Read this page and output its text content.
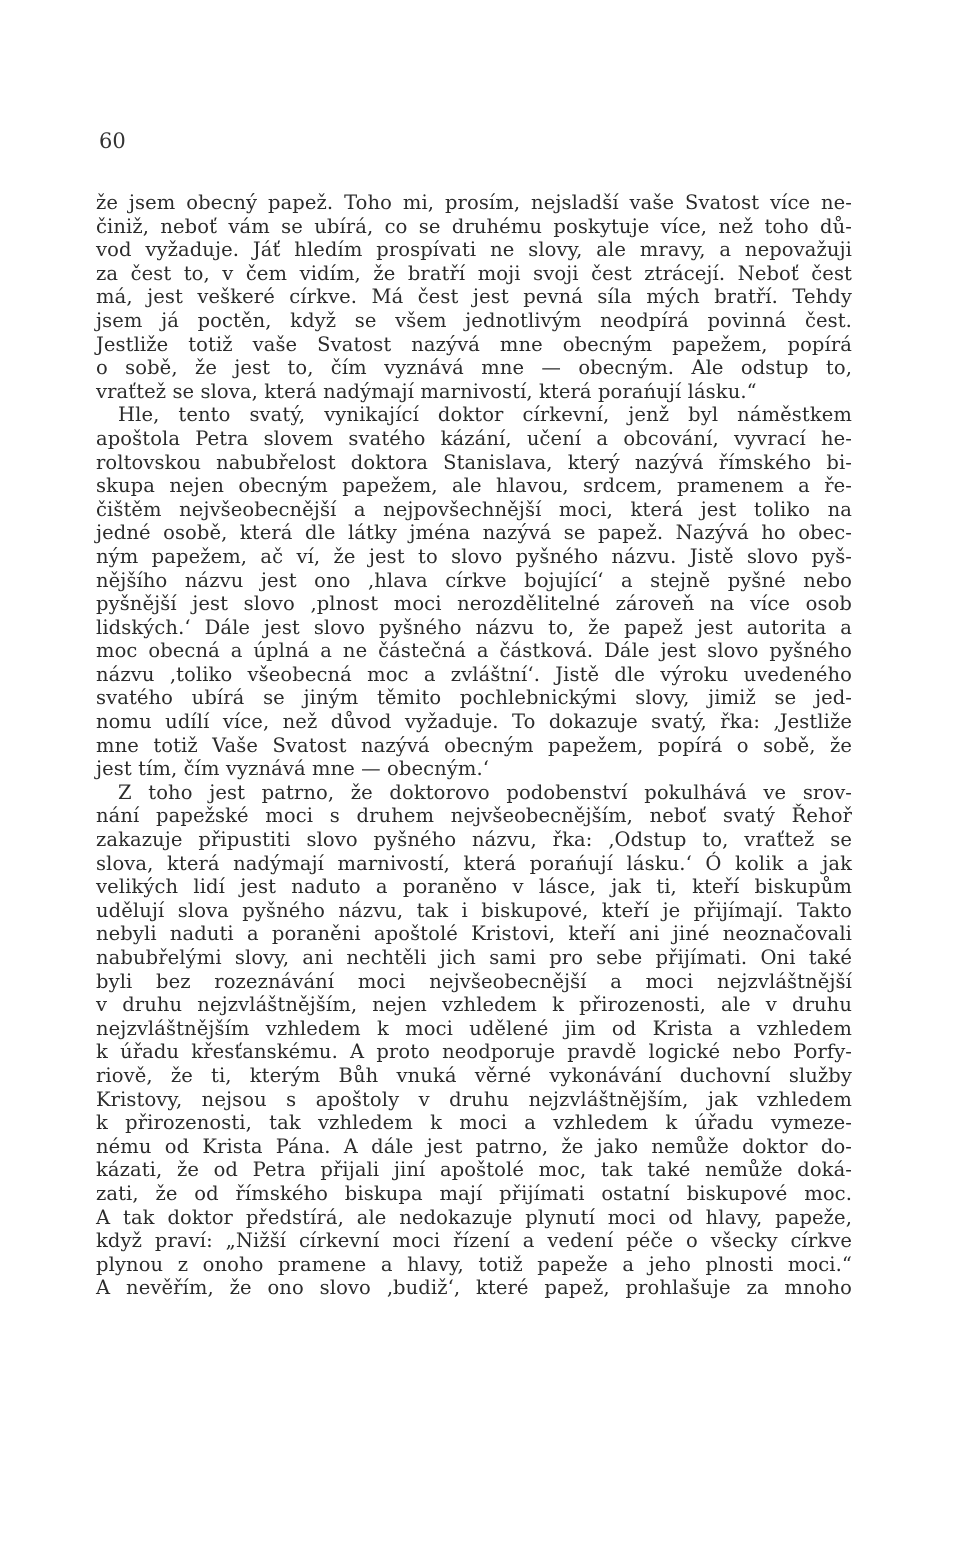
60
že jsem obecný papež. Toho mi, prosím, nejsladší vaše Svatost více ne-
činiž, neboť vám se ubírá, co se druhému poskytuje více, než toho dů-
vod vyžaduje. Jáť hledím prospívati ne slovy, ale mravy, a nepovažuji
za čest to, v čem vidím, že bratří moji svoji čest ztrácejí. Neboť čest
má, jest veškeré církve. Má čest jest pevná síla mých bratří. Tehdy
jsem já poctěn, když se všem jednotlivým neodpírá povinná čest.
Jestliže totiž vaše Svatost nazývá mne obecným papežem, popírá
o sobě, že jest to, čím vyznává mne — obecným. Ale odstup to,
vraťtež se slova, která nadýmají marnivostí, která porańují lásku.“
Hle, tento svatý, vynikající doktor církevní, jenž byl náměstkem
apoštola Petra slovem svatého kázání, učení a obcování, vyvrací he-
roltovskou nabubřelost doktora Stanislava, který nazývá římského bi-
skupa nejen obecným papežem, ale hlavou, srdcem, pramenem a ře-
čištěm nejvšeobecnější a nejpovšechnější moci, která jest toliko na
jedné osobě, která dle látky jména nazývá se papež. Nazývá ho obec-
ným papežem, ač ví, že jest to slovo pyšného názvu. Jistě slovo pyš-
nějšího názvu jest ono ‚hlava církve bojující‘ a stejně pyšné nebo
pyšnější jest slovo ‚plnost moci nerozdělitelné zároveň na více osob
lidských.‘ Dále jest slovo pyšného názvu to, že papež jest autorita a
moc obecná a úplná a ne částečná a částková. Dále jest slovo pyšného
názvu ‚toliko všeobecná moc a zvláštní‘. Jistě dle výroku uvedeného
svatého ubírá se jiným těmito pochlebnickými slovy, jimiž se jed-
nomu udílí více, než důvod vyžaduje. To dokazuje svatý, řka: ‚Jestliže
mne totiž Vaše Svatost nazývá obecným papežem, popírá o sobě, že
jest tím, čím vyznává mne — obecným.‘
Z toho jest patrno, že doktorovo podobenství pokulhává ve srov-
nání papežské moci s druhem nejvšeobecnějším, neboť svatý Řehoř
zakazuje připustiti slovo pyšného názvu, řka: ‚Odstup to, vraťtež se
slova, která nadýmají marnivostí, která porańují lásku.‘ Ó kolik a jak
velikých lidí jest naduto a poraněno v lásce, jak ti, kteří biskupům
udělují slova pyšného názvu, tak i biskupové, kteří je přijímají. Takto
nebyli naduti a poraněni apoštolé Kristovi, kteří ani jiné neoznačovali
nabubřelými slovy, ani nechtěli jich sami pro sebe přijímati. Oni také
byli bez rozeznávání moci nejvšeobecnější a moci nejzvláštnější
v druhu nejzvláštnějším, nejen vzhledem k přirozenosti, ale v druhu
nejzvláštnějším vzhledem k moci udělené jim od Krista a vzhledem
k úřadu křesťanskému. A proto neodporuje pravdě logické nebo Porfy-
riově, že ti, kterým Bůh vnuká věrné vykonávání duchovní služby
Kristovy, nejsou s apoštoly v druhu nejzvláštnějším, jak vzhledem
k přirozenosti, tak vzhledem k moci a vzhledem k úřadu vymeze-
nému od Krista Pána. A dále jest patrno, že jako nemůže doktor do-
kázati, že od Petra přijali jiní apoštolé moc, tak také nemůže doká-
zati, že od římského biskupa mají přijímati ostatní biskupové moc.
A tak doktor předstírá, ale nedokazuje plynutí moci od hlavy, papeže,
když praví: „Nižší církevní moci řízení a vedení péče o všecky církve
plynou z onoho pramene a hlavy, totiž papeže a jeho plnosti moci.“
A nevěřím, že ono slovo ‚budiž‘, které papež, prohlašuje za mnoho
